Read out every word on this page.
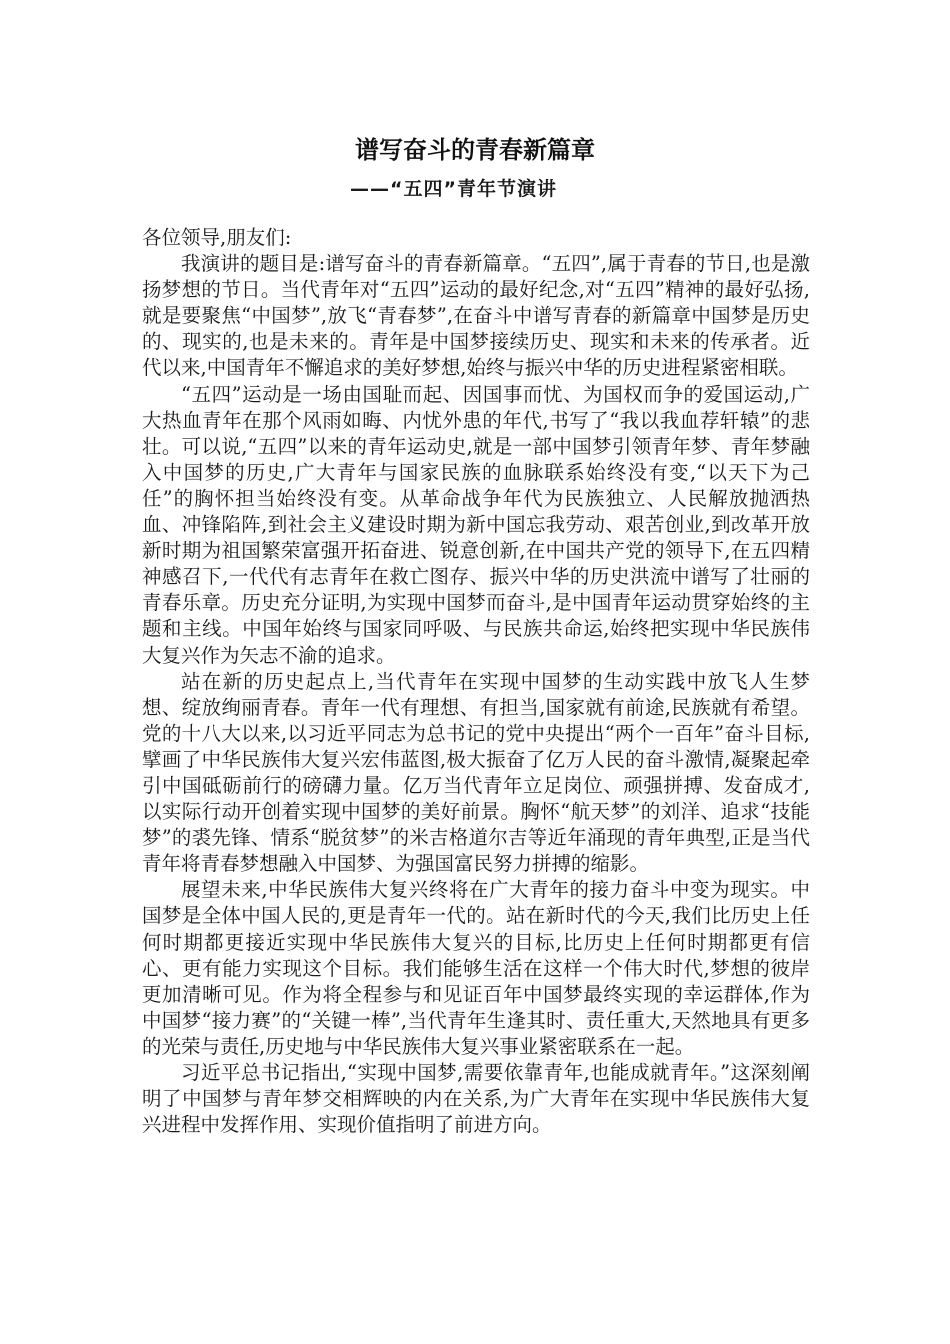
谱写奋斗的青春新篇章
——“五四”青年节演讲

各位领导,朋友们:

我演讲的题目是:谱写奋斗的青春新篇章。“五四”,属于青春的节日,也是激扬梦想的节日。当代青年对“五四”运动的最好纪念,对“五四”精神的最好弘扬,就是要聚焦“中国梦”,放飞“青春梦”,在奋斗中谱写青春的新篇章中国梦是历史的、现实的,也是未来的。青年是中国梦接续历史、现实和未来的传承者。近代以来,中国青年不懈追求的美好梦想,始终与振兴中华的历史进程紧密相联。

“五四”运动是一场由国耻而起、因国事而忧、为国权而争的爱国运动,广大热血青年在那个风雨如晦、内忧外患的年代,书写了“我以我血荐轩辕”的悲壮。可以说,“五四”以来的青年运动史,就是一部中国梦引领青年梦、青年梦融入中国梦的历史,广大青年与国家民族的血脉联系始终没有变,“以天下为己任”的胸怀担当始终没有变。从革命战争年代为民族独立、人民解放抛洒热血、冲锋陷阵,到社会主义建设时期为新中国忘我劳动、艰苦创业,到改革开放新时期为祖国繁荣富强开拓奋进、锐意创新,在中国共产党的领导下,在五四精神感召下,一代代有志青年在救亡图存、振兴中华的历史洪流中谱写了壮丽的青春乐章。历史充分证明,为实现中国梦而奋斗,是中国青年运动贯穿始终的主题和主线。中国年始终与国家同呼吸、与民族共命运,始终把实现中华民族伟大复兴作为矢志不渝的追求。

站在新的历史起点上,当代青年在实现中国梦的生动实践中放飞人生梦想、绽放绚丽青春。青年一代有理想、有担当,国家就有前途,民族就有希望。党的十八大以来,以习近平同志为总书记的党中央提出“两个一百年”奋斗目标,擘画了中华民族伟大复兴宏伟蓝图,极大振奋了亿万人民的奋斗激情,凝聚起牵引中国砥砺前行的磅礴力量。亿万当代青年立足岗位、顽强拼搏、发奋成才,以实际行动开创着实现中国梦的美好前景。胸怀“航天梦”的刘洋、追求“技能梦”的裘先锋、情系“脱贫梦”的米吉格道尔吉等近年涌现的青年典型,正是当代青年将青春梦想融入中国梦、为强国富民努力拼搏的缩影。

展望未来,中华民族伟大复兴终将在广大青年的接力奋斗中变为现实。中国梦是全体中国人民的,更是青年一代的。站在新时代的今天,我们比历史上任何时期都更接近实现中华民族伟大复兴的目标,比历史上任何时期都更有信心、更有能力实现这个目标。我们能够生活在这样一个伟大时代,梦想的彼岸更加清晰可见。作为将全程参与和见证百年中国梦最终实现的幸运群体,作为中国梦“接力赛”的“关键一棒”,当代青年生逢其时、责任重大,天然地具有更多的光荣与责任,历史地与中华民族伟大复兴事业紧密联系在一起。

习近平总书记指出,“实现中国梦,需要依靠青年,也能成就青年。”这深刻阐明了中国梦与青年梦交相辉映的内在关系,为广大青年在实现中华民族伟大复兴进程中发挥作用、实现价值指明了前进方向。
